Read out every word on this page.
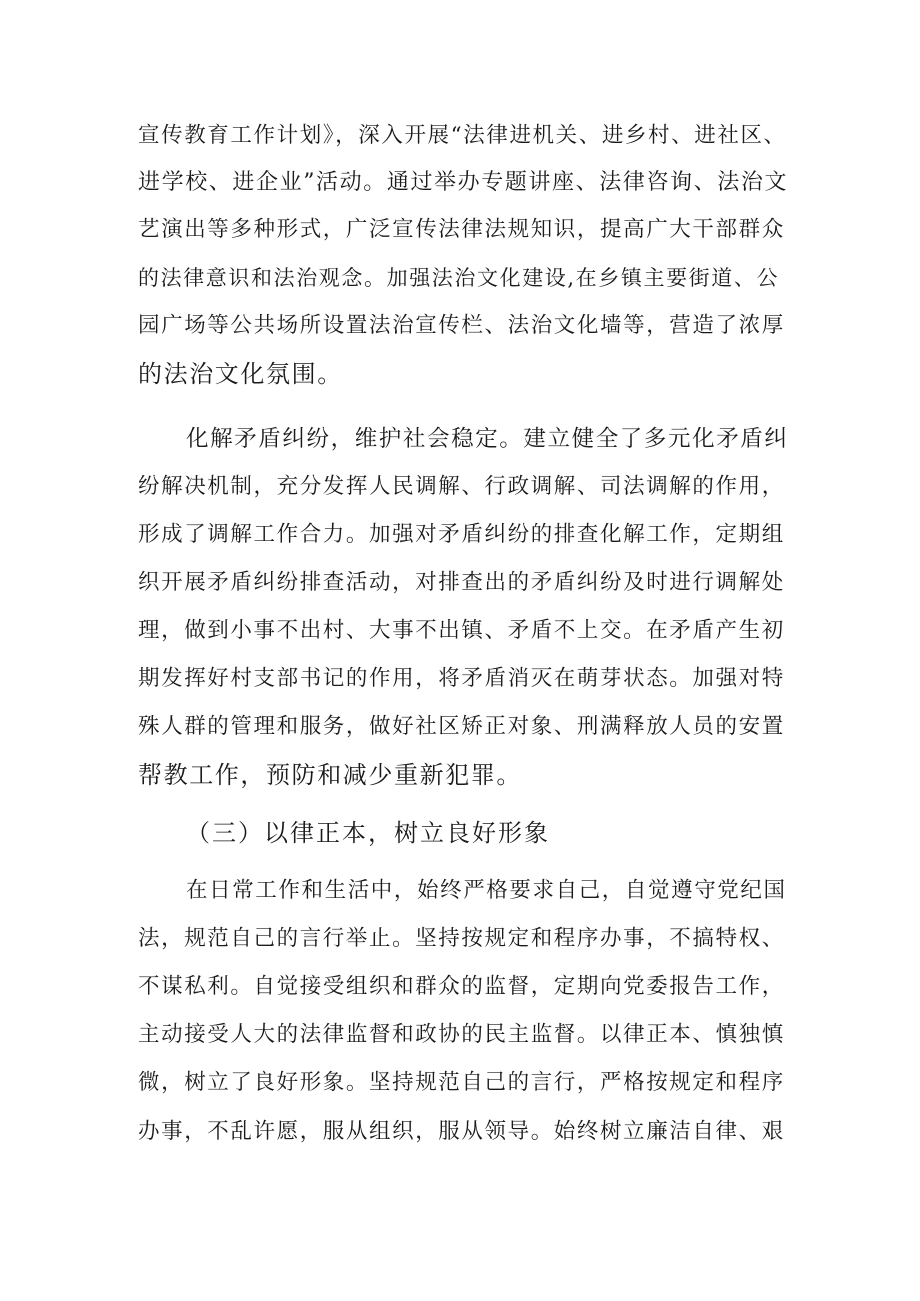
宣传教育工作计划》，深入开展“法律进机关、进乡村、进社区、
进学校、进企业”活动。通过举办专题讲座、法律咨询、法治文
艺演出等多种形式，广泛宣传法律法规知识，提高广大干部群众
的法律意识和法治观念。加强法治文化建设,在乡镇主要街道、公
园广场等公共场所设置法治宣传栏、法治文化墙等，营造了浓厚
的法治文化氛围。
化解矛盾纠纷，维护社会稳定。建立健全了多元化矛盾纠
纷解决机制，充分发挥人民调解、行政调解、司法调解的作用，
形成了调解工作合力。加强对矛盾纠纷的排查化解工作，定期组
织开展矛盾纠纷排查活动，对排查出的矛盾纠纷及时进行调解处
理，做到小事不出村、大事不出镇、矛盾不上交。在矛盾产生初
期发挥好村支部书记的作用，将矛盾消灭在萌芽状态。加强对特
殊人群的管理和服务，做好社区矫正对象、刑满释放人员的安置
帮教工作，预防和减少重新犯罪。
（三）以律正本，树立良好形象
在日常工作和生活中，始终严格要求自己，自觉遵守党纪国
法，规范自己的言行举止。坚持按规定和程序办事，不搞特权、
不谋私利。自觉接受组织和群众的监督，定期向党委报告工作，
主动接受人大的法律监督和政协的民主监督。以律正本、慎独慎
微，树立了良好形象。坚持规范自己的言行，严格按规定和程序
办事，不乱许愿，服从组织，服从领导。始终树立廉洁自律、艰
